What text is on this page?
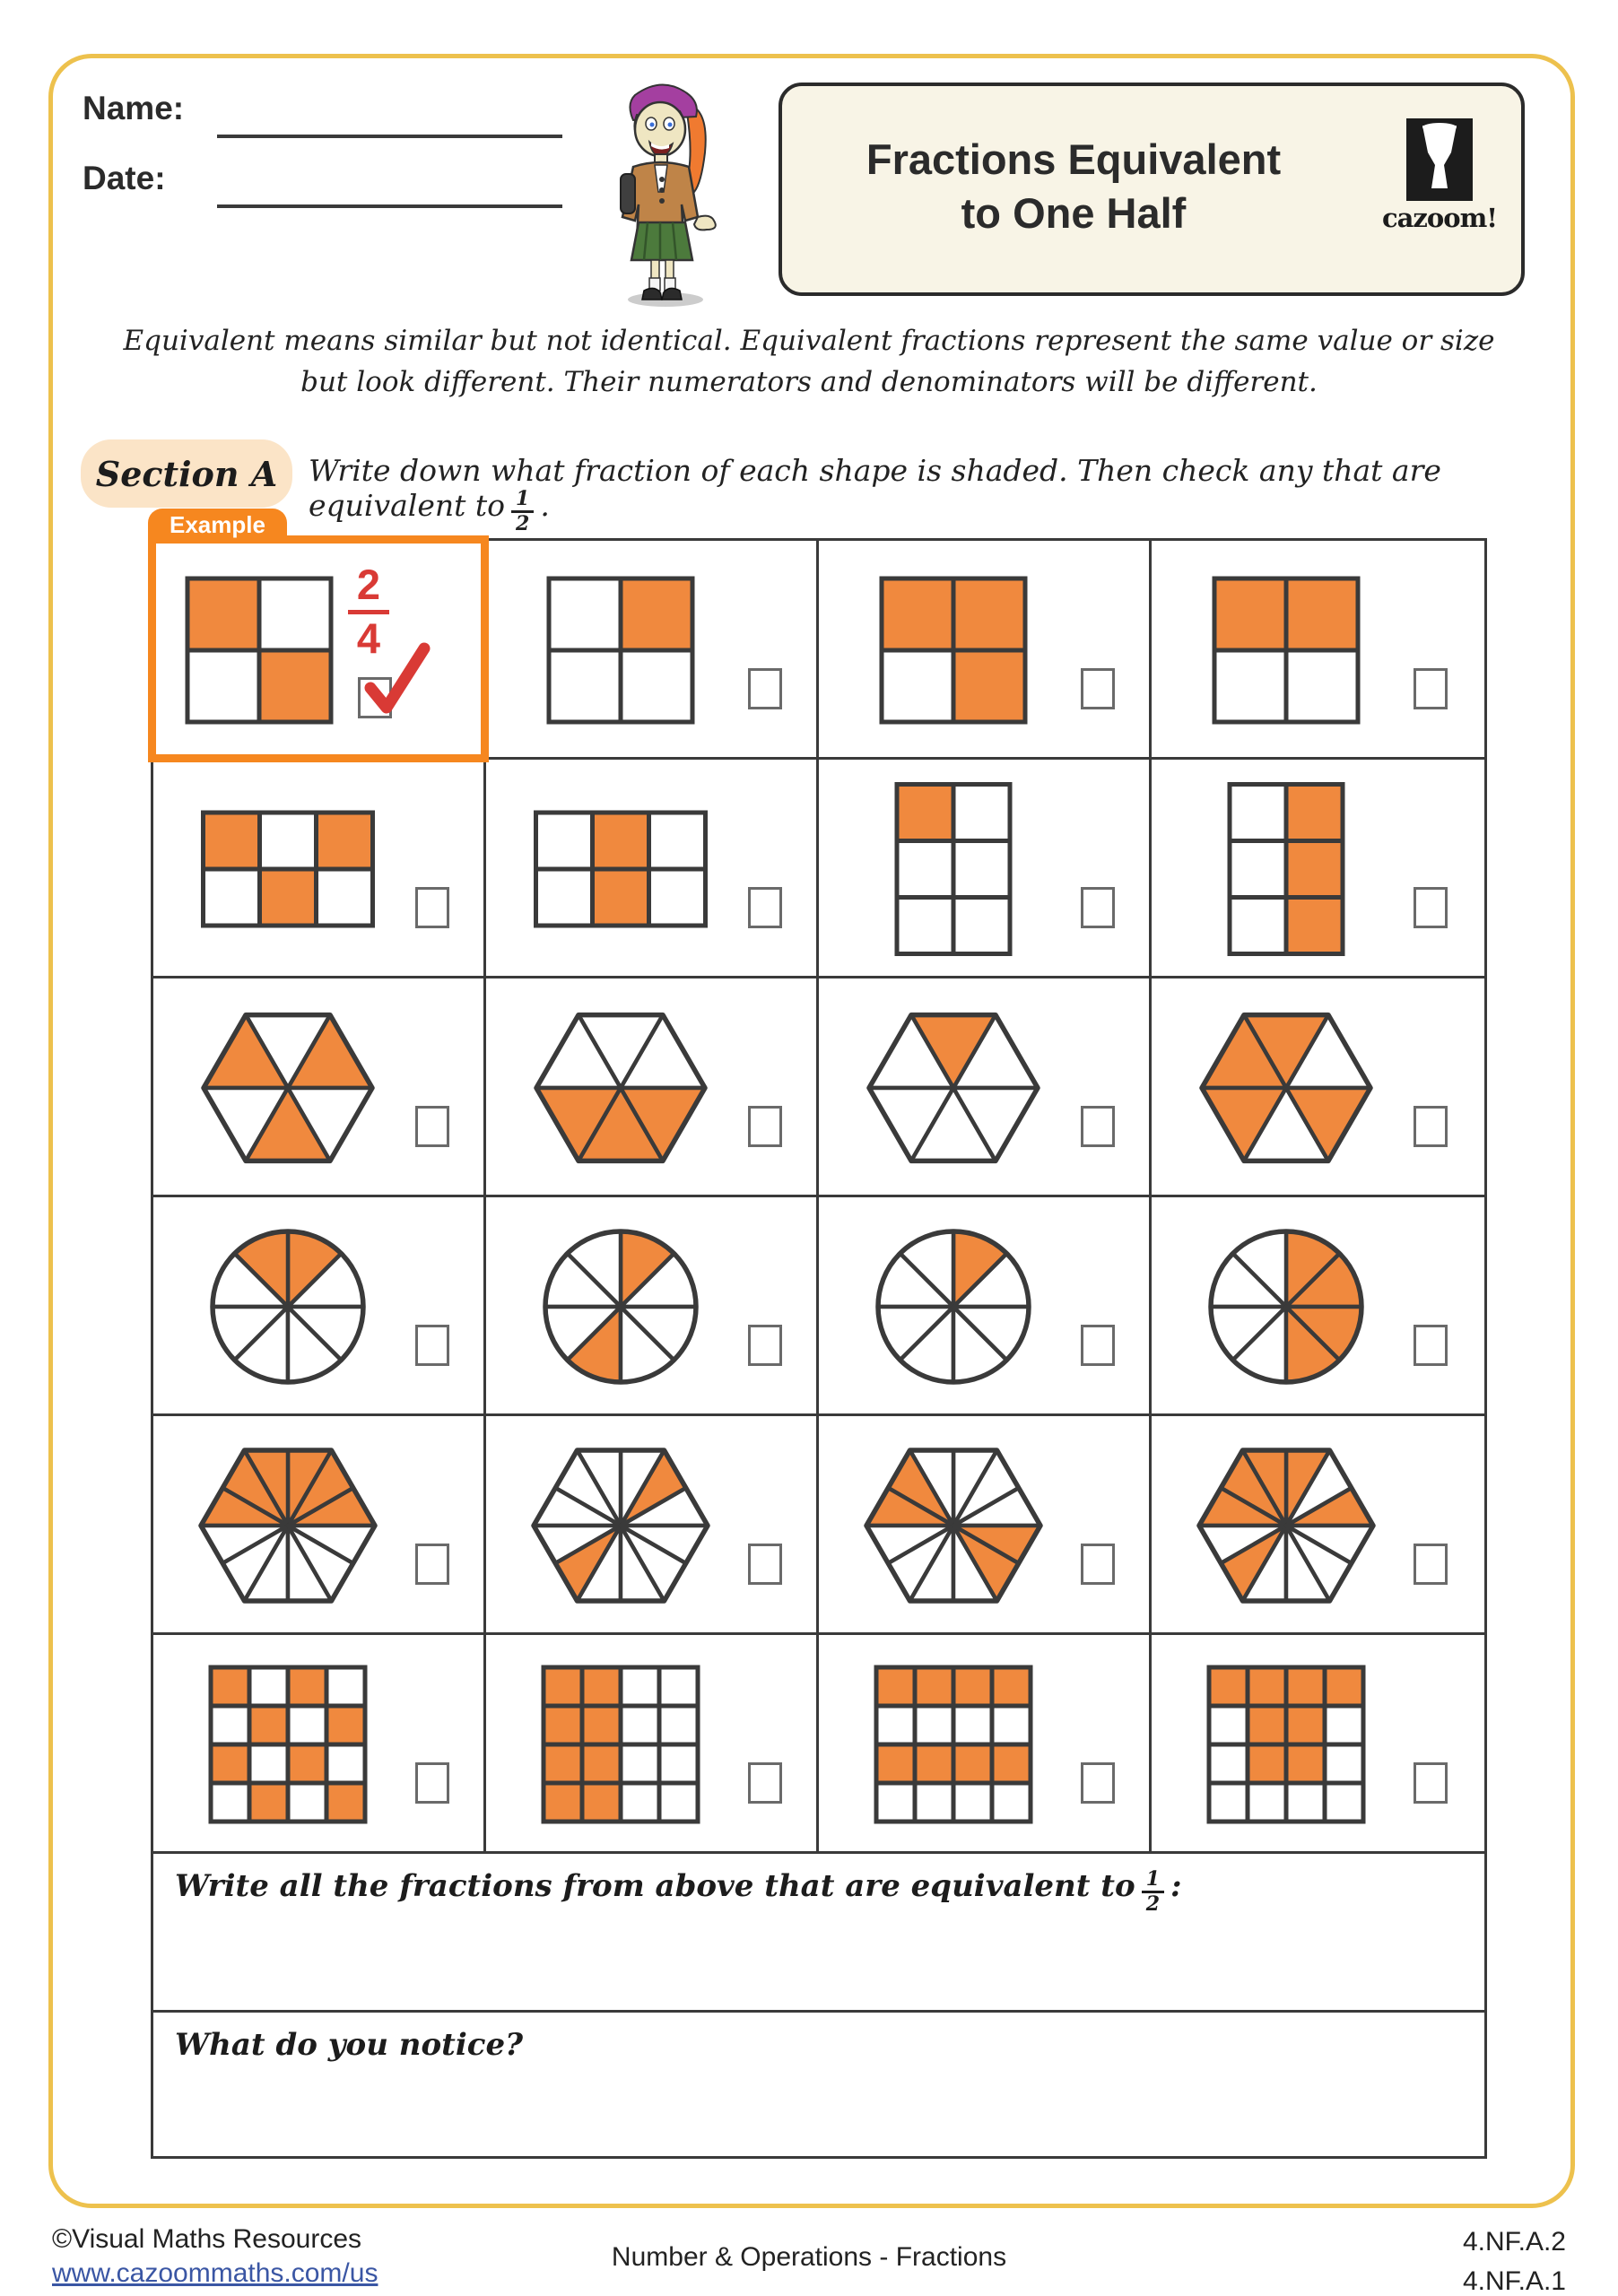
Name:
Date:	Fractions Equivalent
to One Half	cazoom!
Equivalent means similar but not identical. Equivalent fractions represent the same value or size
but look different. Their numerators and denominators will be different.
Section A Write down what fraction of each shape is shaded. Then check any that are equivalent to $\frac{1}{2}$ .
Example
$\frac{2}{4}$
Write all the fractions from above that are equivalent to $\frac{1}{2}$ :
What do you notice?
©Visual Maths Resources
www.cazoommaths.com/us
Number & Operations - Fractions
4.NF.A.2
4.NF.A.1
